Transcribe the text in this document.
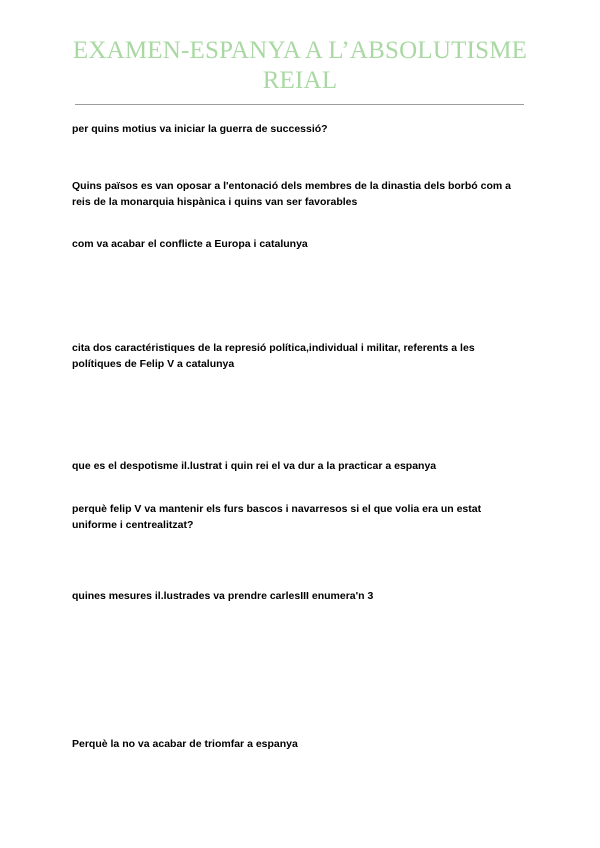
EXAMEN-ESPANYA A L’ABSOLUTISME REIAL

per quins motius va iniciar la guerra de successió?

Quins països es van oposar a l'entonació dels membres de la dinastia dels borbó com a reis de la monarquia hispànica i quins van ser favorables

com va acabar el conflicte a Europa i catalunya

cita dos caractéristiques de la represió política,individual i militar, referents a les polítiques de Felip V a catalunya

que es el despotisme il.lustrat i quin rei el va dur a la practicar a espanya

perquè felip V va mantenir els furs bascos i navarresos si el que volia era un estat uniforme i centrealitzat?

quines mesures il.lustrades va prendre carlesIII enumera'n 3

Perquè la no va acabar de triomfar a espanya
